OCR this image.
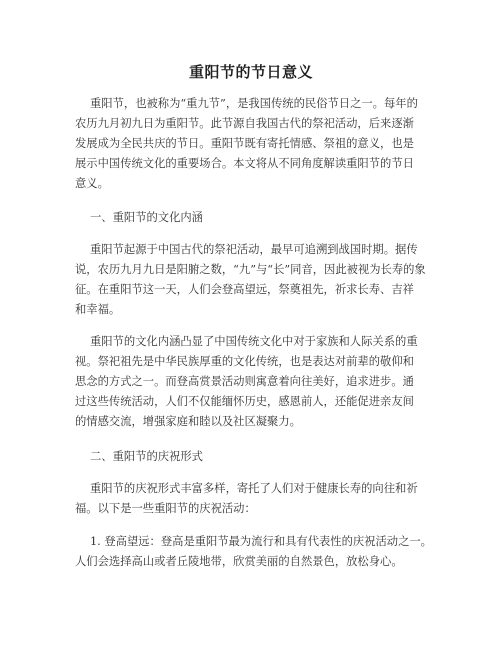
重阳节的节日意义
重阳节，也被称为“重九节”，是我国传统的民俗节日之一。每年的
农历九月初九日为重阳节。此节源自我国古代的祭祀活动，后来逐渐
发展成为全民共庆的节日。重阳节既有寄托情感、祭祖的意义，也是
展示中国传统文化的重要场合。本文将从不同角度解读重阳节的节日
意义。
一、重阳节的文化内涵
重阳节起源于中国古代的祭祀活动，最早可追溯到战国时期。据传
说，农历九月九日是阳腑之数，“九”与“长”同音，因此被视为长寿的象
征。在重阳节这一天，人们会登高望远，祭奠祖先，祈求长寿、吉祥
和幸福。
重阳节的文化内涵凸显了中国传统文化中对于家族和人际关系的重
视。祭祀祖先是中华民族厚重的文化传统，也是表达对前辈的敬仰和
思念的方式之一。而登高赏景活动则寓意着向往美好，追求进步。通
过这些传统活动，人们不仅能缅怀历史，感恩前人，还能促进亲友间
的情感交流，增强家庭和睦以及社区凝聚力。
二、重阳节的庆祝形式
重阳节的庆祝形式丰富多样，寄托了人们对于健康长寿的向往和祈
福。以下是一些重阳节的庆祝活动：
1. 登高望远：登高是重阳节最为流行和具有代表性的庆祝活动之一。
人们会选择高山或者丘陵地带，欣赏美丽的自然景色，放松身心。
